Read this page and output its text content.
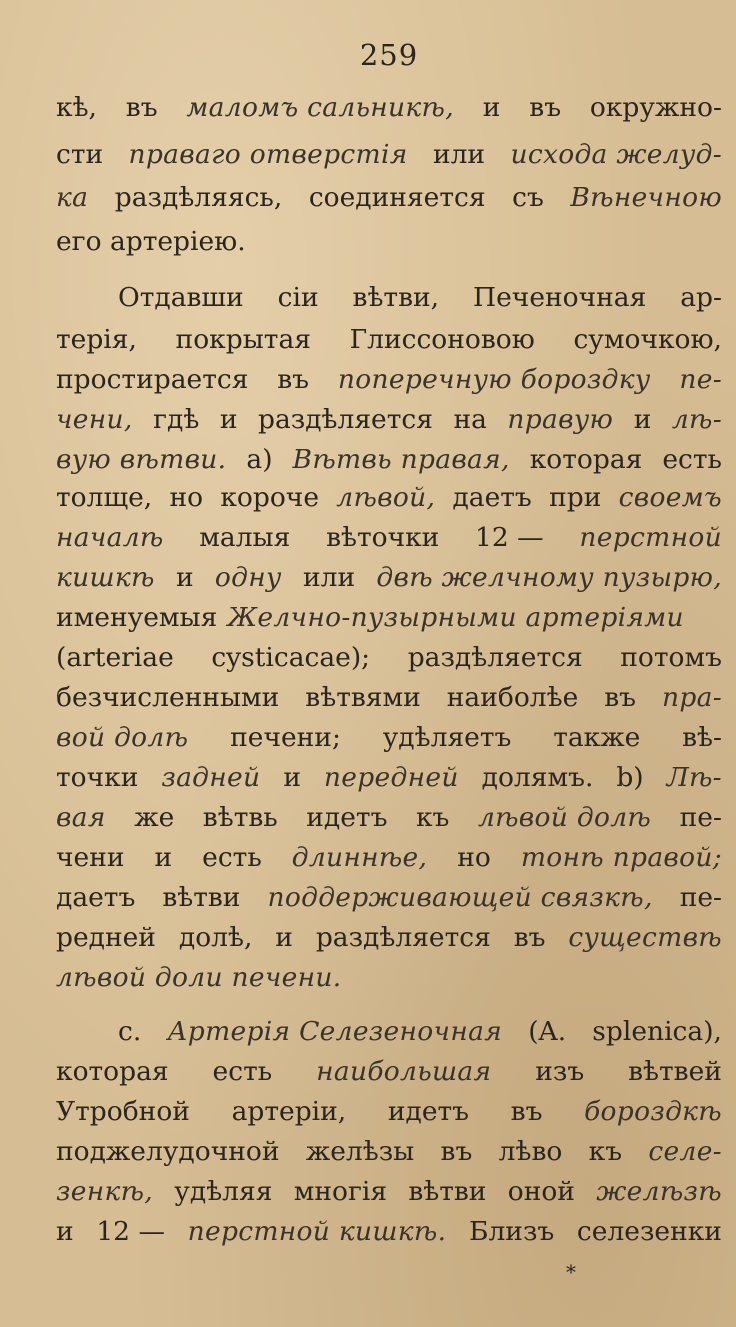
259
кѣ, въ маломъ сальникѣ, и въ окружно-
сти праваго отверстія или исхода желуд-
ка раздѣляясь, соединяется съ Вѣнечною
его артеріею.
Отдавши сіи вѣтви, Печеночная ар-
терія, покрытая Глиссоновою сумочкою,
простирается въ поперечную бороздку пе-
чени, гдѣ и раздѣляется на правую и лѣ-
вую вѣтви. a) Вѣтвь правая, которая есть
толще, но короче лѣвой, даетъ при своемъ
началѣ малыя вѣточки 12 — перстной
кишкѣ и одну или двѣ желчному пузырю,
именуемыя Желчно-пузырными артеріями
(arteriae cysticacae); раздѣляется потомъ
безчисленными вѣтвями наиболѣе въ пра-
вой долѣ печени; удѣляетъ также вѣ-
точки задней и передней долямъ. b) Лѣ-
вая же вѣтвь идетъ къ лѣвой долѣ пе-
чени и есть длиннѣе, но тонѣ правой;
даетъ вѣтви поддерживающей связкѣ, пе-
редней долѣ, и раздѣляется въ существѣ
лѣвой доли печени.
c. Артерія Селезеночная (A. splenica),
которая есть наибольшая изъ вѣтвей
Утробной артеріи, идетъ въ бороздкѣ
поджелудочной желѣзы въ лѣво къ селе-
зенкѣ, удѣляя многія вѣтви оной желѣзѣ
и 12 — перстной кишкѣ. Близъ селезенки
*
